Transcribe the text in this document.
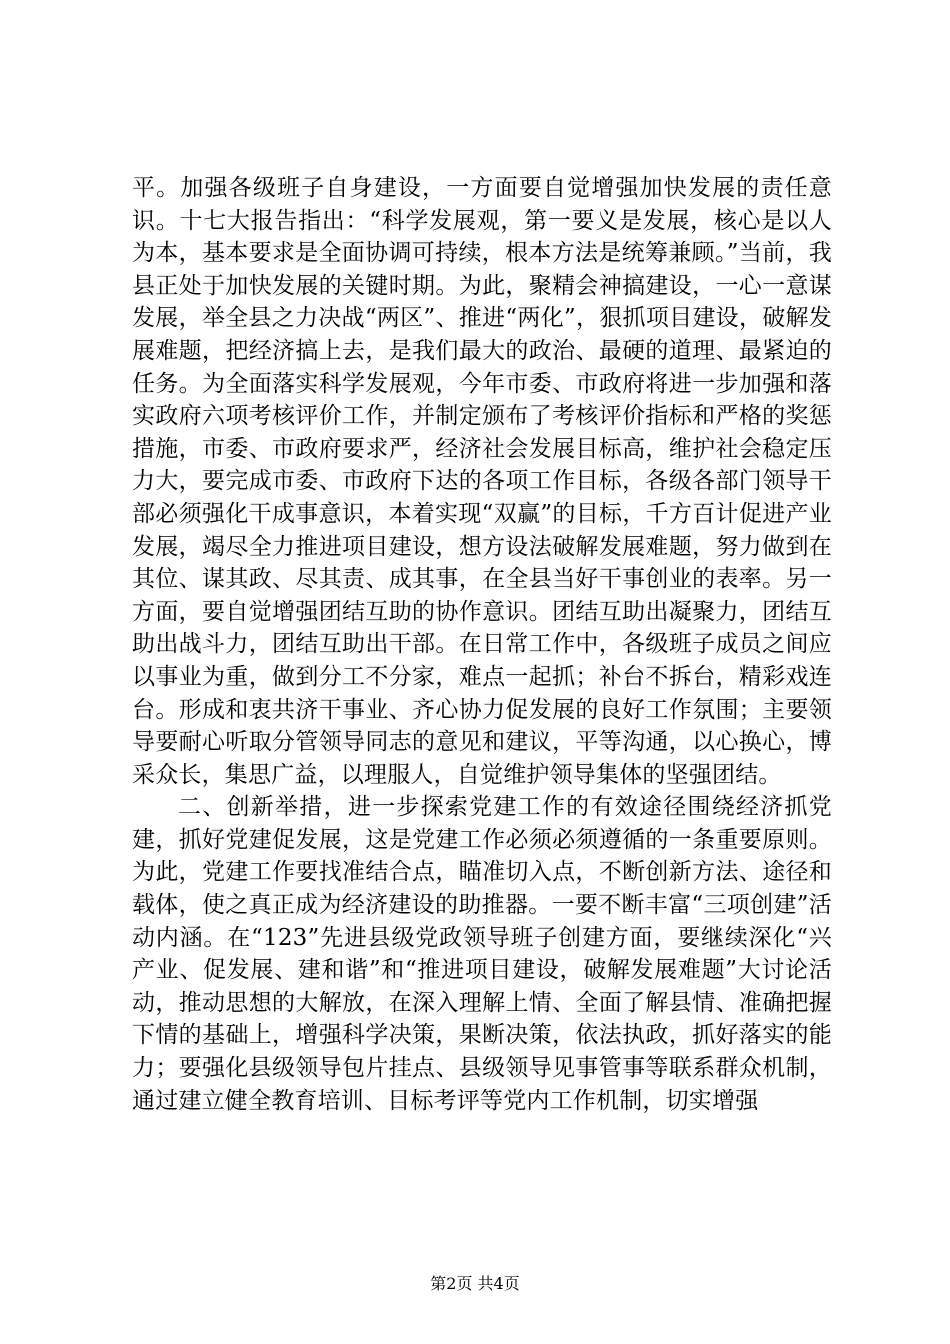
平。加强各级班子自身建设，一方面要自觉增强加快发展的责任意识。十七大报告指出：“科学发展观，第一要义是发展，核心是以人为本，基本要求是全面协调可持续，根本方法是统筹兼顾。”当前，我县正处于加快发展的关键时期。为此，聚精会神搞建设，一心一意谋发展，举全县之力决战“两区”、推进“两化”，狠抓项目建设，破解发展难题，把经济搞上去，是我们最大的政治、最硬的道理、最紧迫的任务。为全面落实科学发展观，今年市委、市政府将进一步加强和落实政府六项考核评价工作，并制定颁布了考核评价指标和严格的奖惩措施，市委、市政府要求严，经济社会发展目标高，维护社会稳定压力大，要完成市委、市政府下达的各项工作目标，各级各部门领导干部必须强化干成事意识，本着实现“双赢”的目标，千方百计促进产业发展，竭尽全力推进项目建设，想方设法破解发展难题，努力做到在其位、谋其政、尽其责、成其事，在全县当好干事创业的表率。另一方面，要自觉增强团结互助的协作意识。团结互助出凝聚力，团结互助出战斗力，团结互助出干部。在日常工作中，各级班子成员之间应以事业为重，做到分工不分家，难点一起抓；补台不拆台，精彩戏连台。形成和衷共济干事业、齐心协力促发展的良好工作氛围；主要领导要耐心听取分管领导同志的意见和建议，平等沟通，以心换心，博采众长，集思广益，以理服人，自觉维护领导集体的坚强团结。

二、创新举措，进一步探索党建工作的有效途径围绕经济抓党建，抓好党建促发展，这是党建工作必须必须遵循的一条重要原则。为此，党建工作要找准结合点，瞄准切入点，不断创新方法、途径和载体，使之真正成为经济建设的助推器。一要不断丰富“三项创建”活动内涵。在“123”先进县级党政领导班子创建方面，要继续深化“兴产业、促发展、建和谐”和“推进项目建设，破解发展难题”大讨论活动，推动思想的大解放，在深入理解上情、全面了解县情、准确把握下情的基础上，增强科学决策，果断决策，依法执政，抓好落实的能力；要强化县级领导包片挂点、县级领导见事管事等联系群众机制，通过建立健全教育培训、目标考评等党内工作机制，切实增强

第2页 共4页
